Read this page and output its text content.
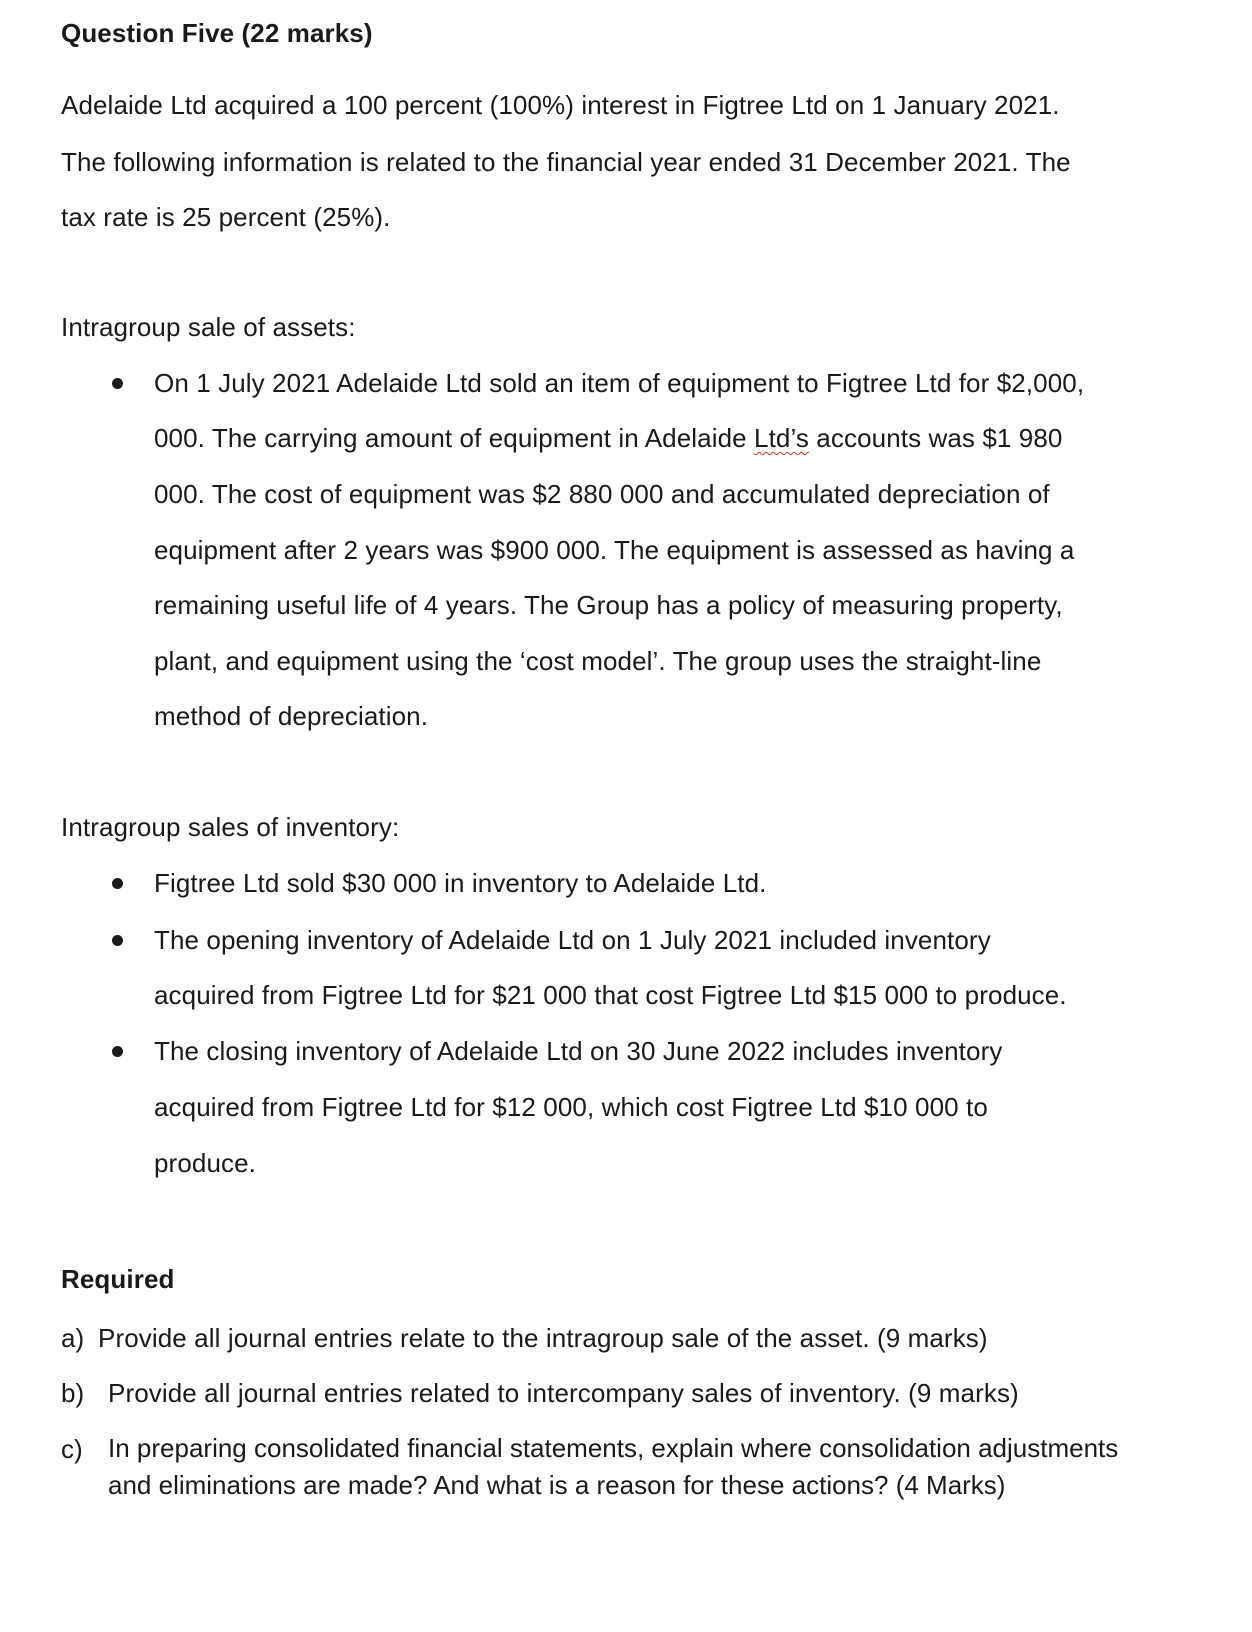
Question Five (22 marks)
Adelaide Ltd acquired a 100 percent (100%) interest in Figtree Ltd on 1 January 2021.
The following information is related to the financial year ended 31 December 2021. The
tax rate is 25 percent (25%).
Intragroup sale of assets:
On 1 July 2021 Adelaide Ltd sold an item of equipment to Figtree Ltd for $2,000,
000. The carrying amount of equipment in Adelaide Ltd’s accounts was $1 980
000. The cost of equipment was $2 880 000 and accumulated depreciation of
equipment after 2 years was $900 000. The equipment is assessed as having a
remaining useful life of 4 years. The Group has a policy of measuring property,
plant, and equipment using the ‘cost model’. The group uses the straight-line
method of depreciation.
Intragroup sales of inventory:
Figtree Ltd sold $30 000 in inventory to Adelaide Ltd.
The opening inventory of Adelaide Ltd on 1 July 2021 included inventory
acquired from Figtree Ltd for $21 000 that cost Figtree Ltd $15 000 to produce.
The closing inventory of Adelaide Ltd on 30 June 2022 includes inventory
acquired from Figtree Ltd for $12 000, which cost Figtree Ltd $10 000 to
produce.
Required
a) Provide all journal entries relate to the intragroup sale of the asset. (9 marks)
b) Provide all journal entries related to intercompany sales of inventory. (9 marks)
c) In preparing consolidated financial statements, explain where consolidation adjustments and eliminations are made? And what is a reason for these actions? (4 Marks)
